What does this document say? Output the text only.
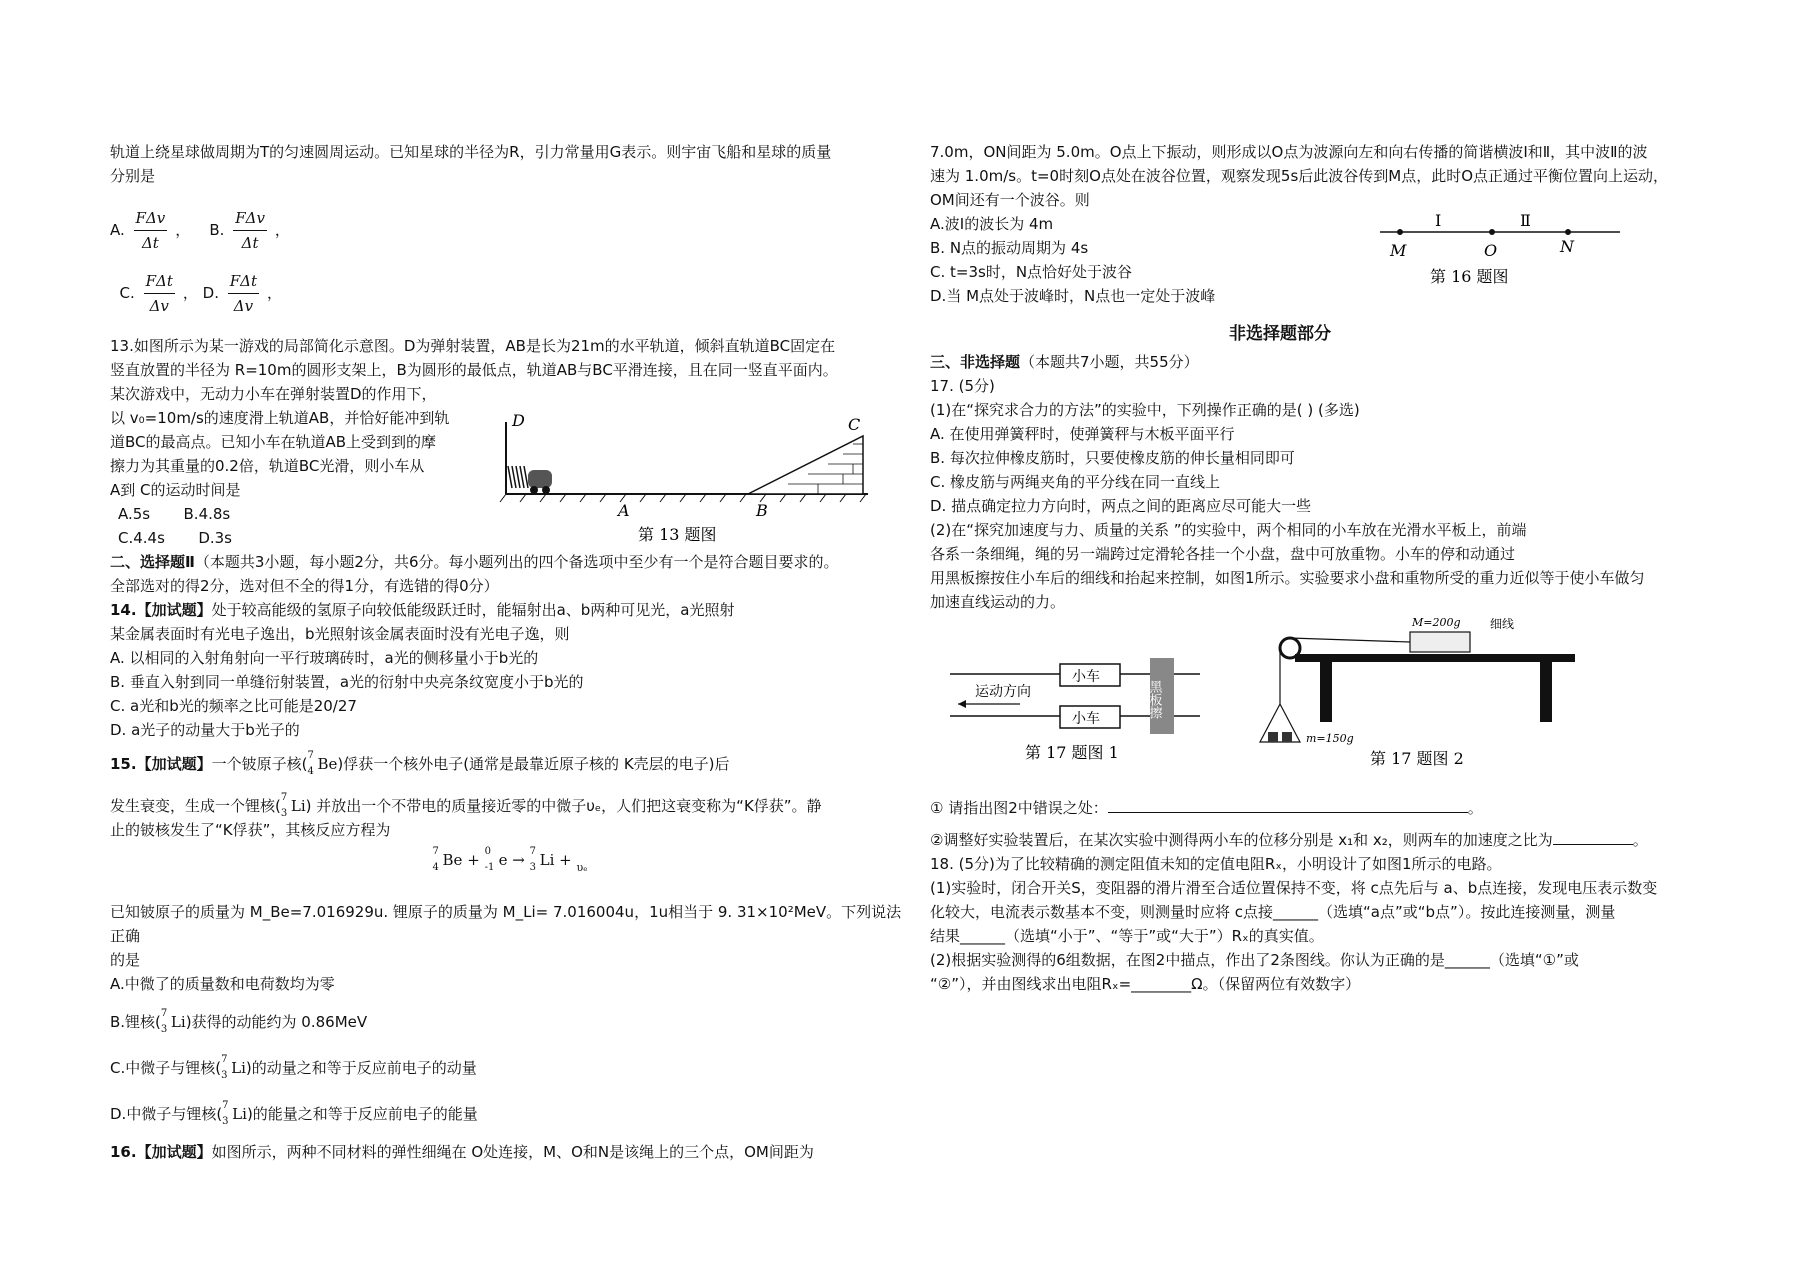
轨道上绕星球做周期为T的匀速圆周运动。已知星球的半径为R，引力常量用G表示。则宇宙飞船和星球的质量

分别是

A. $\frac{\text{FΔv}}{\Delta t}$ ， B. $\frac{\text{FΔv}}{\Delta t}$ ，
C. $\frac{\text{FΔt}}{\Delta v}$ ， D. $\frac{\text{FΔt}}{\Delta v}$ ，

13.如图所示为某一游戏的局部简化示意图。D为弹射装置，AB是长为21m的水平轨道，倾斜直轨道BC固定在

竖直放置的半径为 R=10m的圆形支架上，B为圆形的最低点，轨道AB与BC平滑连接，且在同一竖直平面内。

某次游戏中，无动力小车在弹射装置D的作用下，

以 v₀=10m/s的速度滑上轨道AB，并恰好能冲到轨

道BC的最高点。已知小车在轨道AB上受到到的摩

擦力为其重量的0.2倍，轨道BC光滑，则小车从

A到 C的运动时间是

A.5s B.4.8s

C.4.4s D.3s

D	C
A	B
第 13 题图

二、选择题Ⅱ（本题共3小题，每小题2分，共6分。每小题列出的四个备选项中至少有一个是符合题目要求的。

全部选对的得2分，选对但不全的得1分，有选错的得0分）

14.【加试题】处于较高能级的氢原子向较低能级跃迁时，能辐射出a、b两种可见光，a光照射

某金属表面时有光电子逸出，b光照射该金属表面时没有光电子逸，则

A. 以相同的入射角射向一平行玻璃砖时，a光的侧移量小于b光的

B. 垂直入射到同一单缝衍射装置，a光的衍射中央亮条纹宽度小于b光的

C. a光和b光的频率之比可能是20/27

D. a光子的动量大于b光子的

15.【加试题】一个铍原子核( 7
4 Be)俘获一个核外电子(通常是最靠近原子核的 K壳层的电子)后

发生衰变，生成一个锂核( 7
3 Li) 并放出一个不带电的质量接近零的中微子υₑ，人们把这衰变称为“K俘获”。静

止的铍核发生了“K俘获”，其核反应方程为

7
4 Be + 0
-1 e → 7
3 Li + $_{\upsilon_e}$

已知铍原子的质量为 M_Be=7.016929u. 锂原子的质量为 M_Li= 7.016004u，1u相当于 9. 31×10²MeV。下列说法正确

的是

A.中微了的质量数和电荷数均为零

B.锂核( 7
3 Li)获得的动能约为 0.86MeV

C.中微子与锂核( 7
3 Li)的动量之和等于反应前电子的动量

D.中微子与锂核( 7
3 Li)的能量之和等于反应前电子的能量

16.【加试题】如图所示，两种不同材料的弹性细绳在 O处连接，M、O和N是该绳上的三个点，OM间距为

7.0m，ON间距为 5.0m。O点上下振动，则形成以O点为波源向左和向右传播的简谐横波Ⅰ和Ⅱ，其中波Ⅱ的波

速为 1.0m/s。t=0时刻O点处在波谷位置，观察发现5s后此波谷传到M点，此时O点正通过平衡位置向上运动，

OM间还有一个波谷。则

A.波Ⅰ的波长为 4m

B. N点的振动周期为 4s

C. t=3s时，N点恰好处于波谷

D.当 M点处于波峰时，N点也一定处于波峰

Ⅰ	Ⅱ
M	O	N
第 16 题图

非选择题部分

三、非选择题（本题共7小题，共55分）

17. (5分)

(1)在“探究求合力的方法”的实验中，下列操作正确的是( ) (多选)

A. 在使用弹簧秤时，使弹簧秤与木板平面平行

B. 每次拉伸橡皮筋时，只要使橡皮筋的伸长量相同即可

C. 橡皮筋与两绳夹角的平分线在同一直线上

D. 描点确定拉力方向时，两点之间的距离应尽可能大一些

(2)在“探究加速度与力、质量的关系 ”的实验中，两个相同的小车放在光滑水平板上，前端

各系一条细绳，绳的另一端跨过定滑轮各挂一个小盘，盘中可放重物。小车的停和动通过

用黑板擦按住小车后的细线和抬起来控制，如图1所示。实验要求小盘和重物所受的重力近似等于使小车做匀

加速直线运动的力。

小车
小车	黑板擦
运动方向
第 17 题图 1
M=200g 细线
m=150g
第 17 题图 2

① 请指出图2中错误之处：	。

②调整好实验装置后，在某次实验中测得两小车的位移分别是 x₁和 x₂，则两车的加速度之比为	。

18. (5分)为了比较精确的测定阻值未知的定值电阻Rₓ，小明设计了如图1所示的电路。

(1)实验时，闭合开关S，变阻器的滑片滑至合适位置保持不变，将 c点先后与 a、b点连接，发现电压表示数变

化较大，电流表示数基本不变，则测量时应将 c点接______（选填“a点”或“b点”）。按此连接测量，测量

结果______（选填“小于”、“等于”或“大于”）Rₓ的真实值。

(2)根据实验测得的6组数据，在图2中描点，作出了2条图线。你认为正确的是______（选填“①”或

“②”），并由图线求出电阻Rₓ=________Ω。（保留两位有效数字）
